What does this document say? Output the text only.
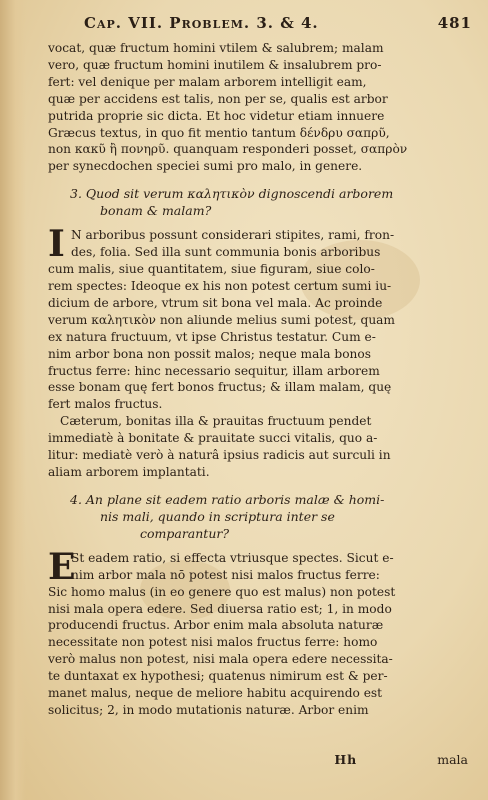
Cap. VII. Problem. 3. & 4.	481
vocat, quæ fructum homini vtilem & salubrem; malam
vero, quæ fructum homini inutilem & insalubrem pro-
fert: vel denique per malam arborem intelligit eam,
quæ per accidens est talis, non per se, qualis est arbor
putrida proprie sic dicta. Et hoc videtur etiam innuere
Græcus textus, in quo fit mentio tantum δένδρυ σαπρῦ,
non κακῦ ἢ πονηρῦ. quanquam responderi posset, σαπρὸν
per synecdochen speciei sumi pro malo, in genere.
3. Quod sit verum καλητικὸν dignoscendi arborem
bonam & malam?
I N arboribus possunt considerari stipites, rami, fron-
des, folia. Sed illa sunt communia bonis arboribus
cum malis, siue quantitatem, siue figuram, siue colo-
rem spectes: Ideoque ex his non potest certum sumi iu-
dicium de arbore, vtrum sit bona vel mala. Ac proinde
verum καλητικὸν non aliunde melius sumi potest, quam
ex natura fructuum, vt ipse Christus testatur. Cum e-
nim arbor bona non possit malos; neque mala bonos
fructus ferre: hinc necessario sequitur, illam arborem
esse bonam quę fert bonos fructus; & illam malam, quę
fert malos fructus.
Cæterum, bonitas illa & prauitas fructuum pendet
immediatè à bonitate & prauitate succi vitalis, quo a-
litur: mediatè verò à naturâ ipsius radicis aut surculi in
aliam arborem implantati.
4. An plane sit eadem ratio arboris malæ & homi-
nis mali, quando in scriptura inter se
comparantur?
E
St eadem ratio, si effecta vtriusque spectes. Sicut e-
nim arbor mala nō potest nisi malos fructus ferre:
Sic homo malus (in eo genere quo est malus) non potest
nisi mala opera edere. Sed diuersa ratio est; 1, in modo
producendi fructus. Arbor enim mala absoluta naturæ
necessitate non potest nisi malos fructus ferre: homo
verò malus non potest, nisi mala opera edere necessita-
te duntaxat ex hypothesi; quatenus nimirum est & per-
manet malus, neque de meliore habitu acquirendo est
solicitus; 2, in modo mutationis naturæ. Arbor enim
Hh	mala
